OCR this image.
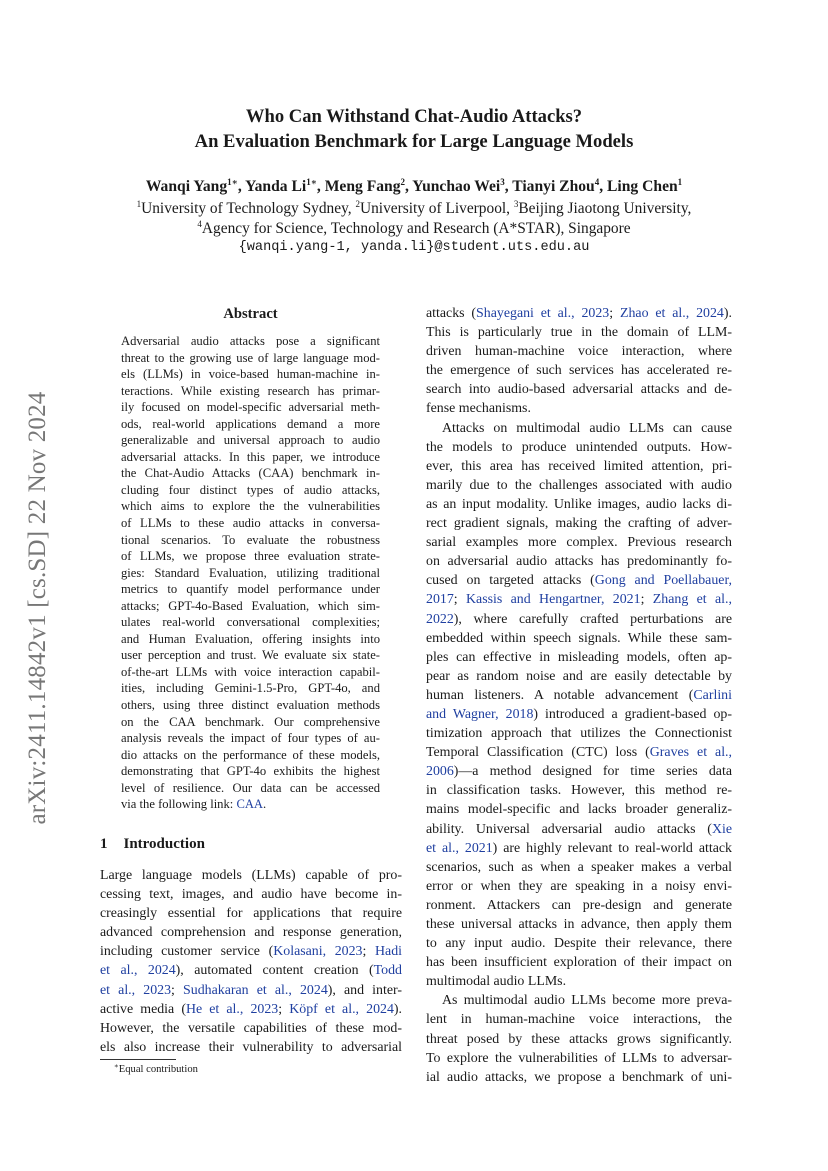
arXiv:2411.14842v1 [cs.SD] 22 Nov 2024
Who Can Withstand Chat-Audio Attacks?
An Evaluation Benchmark for Large Language Models
Wanqi Yang$^{1∗}$, Yanda $Li^{1∗}$, Meng Fang$^2$, Yunchao Wei$^3$, Tianyi Zhou$^4$, Ling Chen$^1$
$^1$University of Technology Sydney, $^2$University of Liverpool, $^3$Beijing Jiaotong University,
$^4$Agency for Science, Technology and Research (A*STAR), Singapore
{wanqi.yang-1, yanda.li}@student.uts.edu.au
Abstract
Adversarial audio attacks pose a significant
threat to the growing use of large language mod-
els (LLMs) in voice-based human-machine in-
teractions. While existing research has primar-
ily focused on model-specific adversarial meth-
ods, real-world applications demand a more
generalizable and universal approach to audio
adversarial attacks. In this paper, we introduce
the Chat-Audio Attacks (CAA) benchmark in-
cluding four distinct types of audio attacks,
which aims to explore the the vulnerabilities
of LLMs to these audio attacks in conversa-
tional scenarios. To evaluate the robustness
of LLMs, we propose three evaluation strate-
gies: Standard Evaluation, utilizing traditional
metrics to quantify model performance under
attacks; GPT-4o-Based Evaluation, which sim-
ulates real-world conversational complexities;
and Human Evaluation, offering insights into
user perception and trust. We evaluate six state-
of-the-art LLMs with voice interaction capabil-
ities, including Gemini-1.5-Pro, GPT-4o, and
others, using three distinct evaluation methods
on the CAA benchmark. Our comprehensive
analysis reveals the impact of four types of au-
dio attacks on the performance of these models,
demonstrating that GPT-4o exhibits the highest
level of resilience. Our data can be accessed
via the following link: CAA.
1 Introduction
Large language models (LLMs) capable of pro-
cessing text, images, and audio have become in-
creasingly essential for applications that require
advanced comprehension and response generation,
including customer service (Kolasani, 2023; Hadi
et al., 2024), automated content creation (Todd
et al., 2023; Sudhakaran et al., 2024), and inter-
active media (He et al., 2023; Köpf et al., 2024).
However, the versatile capabilities of these mod-
els also increase their vulnerability to adversarial
∗Equal contribution
attacks (Shayegani et al., 2023; Zhao et al., 2024).
This is particularly true in the domain of LLM-
driven human-machine voice interaction, where
the emergence of such services has accelerated re-
search into audio-based adversarial attacks and de-
fense mechanisms.
Attacks on multimodal audio LLMs can cause
the models to produce unintended outputs. How-
ever, this area has received limited attention, pri-
marily due to the challenges associated with audio
as an input modality. Unlike images, audio lacks di-
rect gradient signals, making the crafting of adver-
sarial examples more complex. Previous research
on adversarial audio attacks has predominantly fo-
cused on targeted attacks (Gong and Poellabauer,
2017; Kassis and Hengartner, 2021; Zhang et al.,
2022), where carefully crafted perturbations are
embedded within speech signals. While these sam-
ples can effective in misleading models, often ap-
pear as random noise and are easily detectable by
human listeners. A notable advancement (Carlini
and Wagner, 2018) introduced a gradient-based op-
timization approach that utilizes the Connectionist
Temporal Classification (CTC) loss (Graves et al.,
2006)—a method designed for time series data
in classification tasks. However, this method re-
mains model-specific and lacks broader generaliz-
ability. Universal adversarial audio attacks (Xie
et al., 2021) are highly relevant to real-world attack
scenarios, such as when a speaker makes a verbal
error or when they are speaking in a noisy envi-
ronment. Attackers can pre-design and generate
these universal attacks in advance, then apply them
to any input audio. Despite their relevance, there
has been insufficient exploration of their impact on
multimodal audio LLMs.
As multimodal audio LLMs become more preva-
lent in human-machine voice interactions, the
threat posed by these attacks grows significantly.
To explore the vulnerabilities of LLMs to adversar-
ial audio attacks, we propose a benchmark of uni-
